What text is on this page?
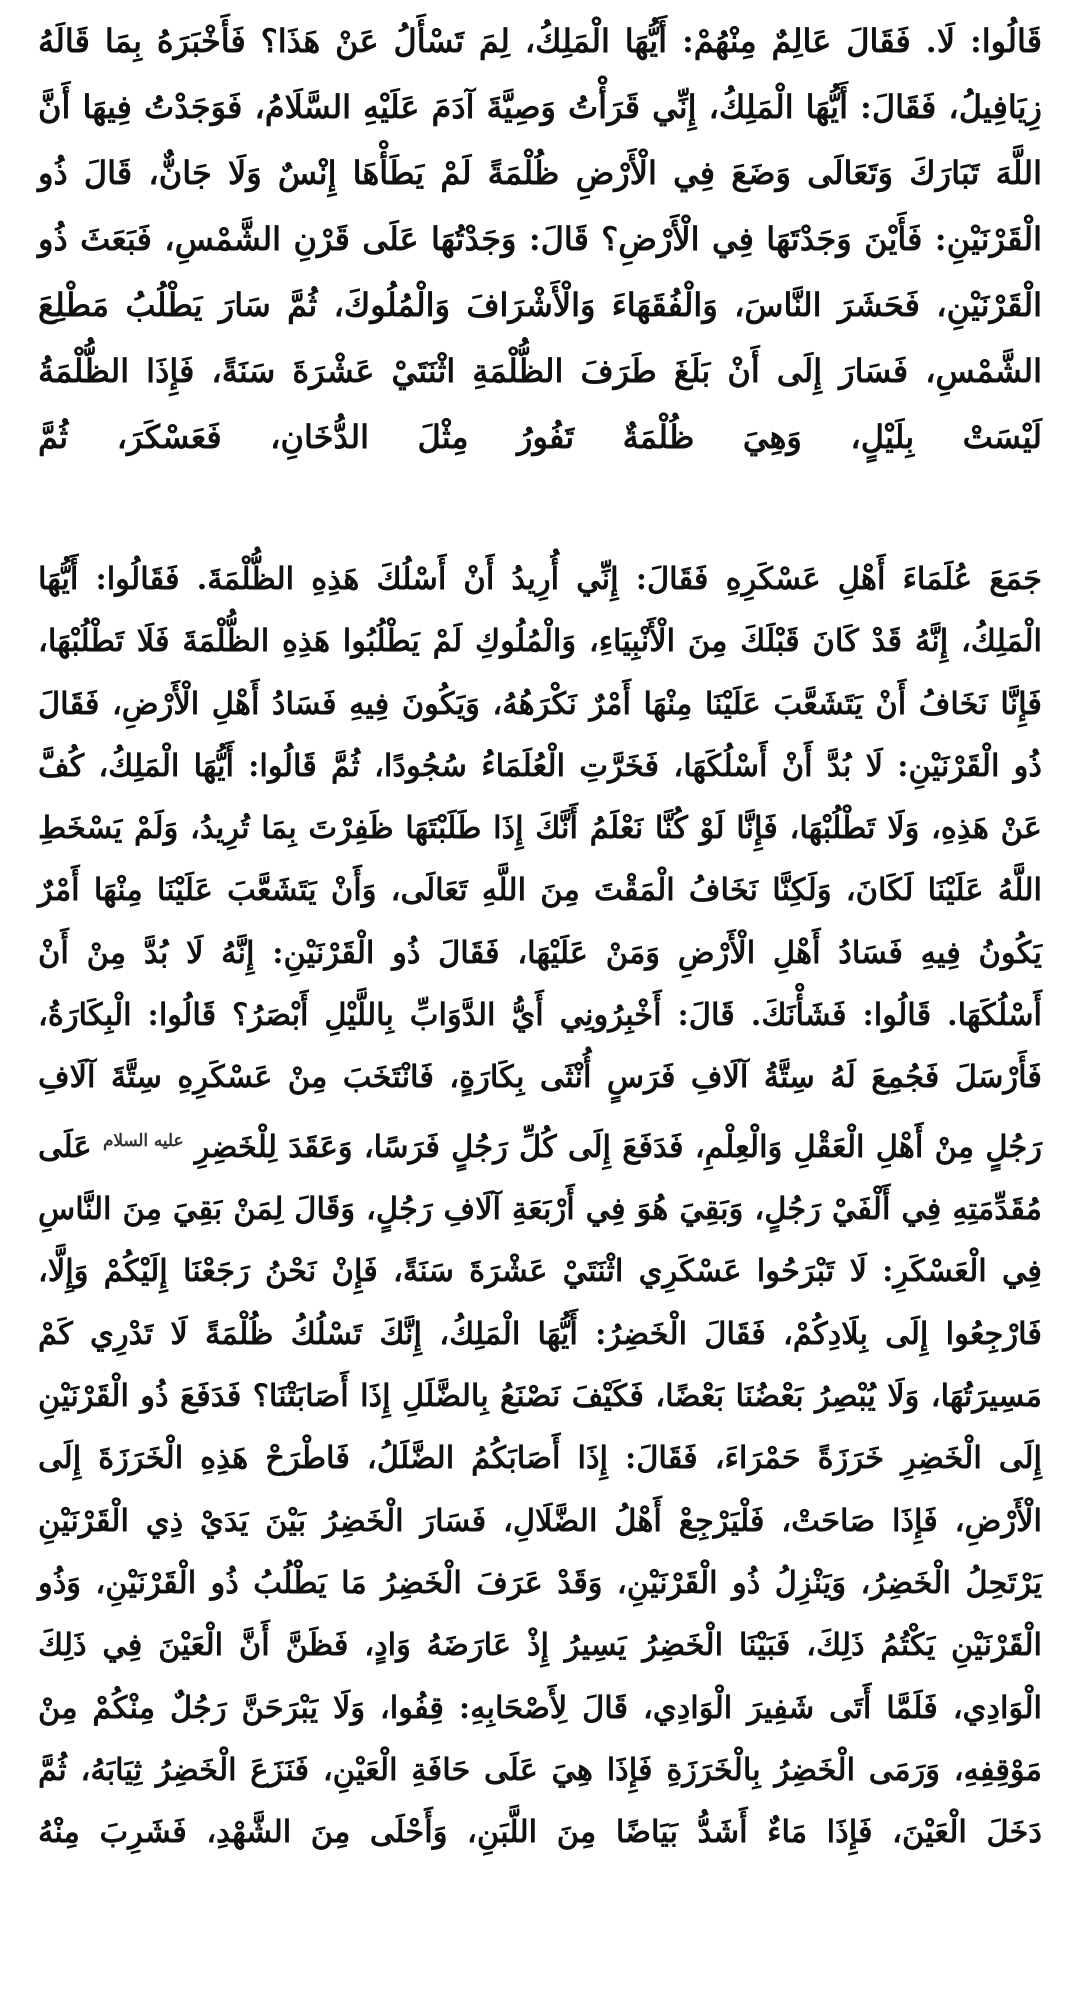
قَالُوا: لَا. فَقَالَ عَالِمٌ مِنْهُمْ: أَيُّهَا الْمَلِكُ، لِمَ تَسْأَلُ عَنْ هَذَا؟ فَأَخْبَرَهُ بِمَا قَالَهُ زِيَافِيلُ، فَقَالَ: أَيُّهَا الْمَلِكُ، إِنِّي قَرَأْتُ وَصِيَّةَ آدَمَ عَلَيْهِ السَّلَامُ، فَوَجَدْتُ فِيهَا أَنَّ اللَّهَ تَبَارَكَ وَتَعَالَى وَضَعَ فِي الْأَرْضِ ظُلْمَةً لَمْ يَطَأْهَا إِنْسٌ وَلَا جَانٌّ، قَالَ ذُو الْقَرْنَيْنِ: فَأَيْنَ وَجَدْتَهَا فِي الْأَرْضِ؟ قَالَ: وَجَدْتُهَا عَلَى قَرْنِ الشَّمْسِ، فَبَعَثَ ذُو الْقَرْنَيْنِ، فَحَشَرَ النَّاسَ، وَالْفُقَهَاءَ وَالْأَشْرَافَ وَالْمُلُوكَ، ثُمَّ سَارَ يَطْلُبُ مَطْلِعَ الشَّمْسِ، فَسَارَ إِلَى أَنْ بَلَغَ طَرَفَ الظُّلْمَةِ اثْنَتَيْ عَشْرَةَ سَنَةً، فَإِذَا الظُّلْمَةُ لَيْسَتْ بِلَيْلٍ، وَهِيَ ظُلْمَةٌ تَفُورُ مِثْلَ الدُّخَانِ، فَعَسْكَرَ، ثُمَّ

جَمَعَ عُلَمَاءَ أَهْلِ عَسْكَرِهِ فَقَالَ: إِنِّي أُرِيدُ أَنْ أَسْلُكَ هَذِهِ الظُّلْمَةَ. فَقَالُوا: أَيُّهَا الْمَلِكُ، إِنَّهُ قَدْ كَانَ قَبْلَكَ مِنَ الْأَنْبِيَاءِ، وَالْمُلُوكِ لَمْ يَطْلُبُوا هَذِهِ الظُّلْمَةَ فَلَا تَطْلُبْهَا، فَإِنَّا نَخَافُ أَنْ يَتَشَعَّبَ عَلَيْنَا مِنْهَا أَمْرٌ نَكْرَهُهُ، وَيَكُونَ فِيهِ فَسَادُ أَهْلِ الْأَرْضِ، فَقَالَ ذُو الْقَرْنَيْنِ: لَا بُدَّ أَنْ أَسْلُكَهَا، فَخَرَّتِ الْعُلَمَاءُ سُجُودًا، ثُمَّ قَالُوا: أَيُّهَا الْمَلِكُ، كُفَّ عَنْ هَذِهِ، وَلَا تَطْلُبْهَا، فَإِنَّا لَوْ كُنَّا نَعْلَمُ أَنَّكَ إِذَا طَلَبْتَهَا ظَفِرْتَ بِمَا تُرِيدُ، وَلَمْ يَسْخَطِ اللَّهُ عَلَيْنَا لَكَانَ، وَلَكِنَّا نَخَافُ الْمَقْتَ مِنَ اللَّهِ تَعَالَى، وَأَنْ يَتَشَعَّبَ عَلَيْنَا مِنْهَا أَمْرٌ يَكُونُ فِيهِ فَسَادُ أَهْلِ الْأَرْضِ وَمَنْ عَلَيْهَا، فَقَالَ ذُو الْقَرْنَيْنِ: إِنَّهُ لَا بُدَّ مِنْ أَنْ أَسْلُكَهَا. قَالُوا: فَشَأْنَكَ. قَالَ: أَخْبِرُونِي أَيُّ الدَّوَابِّ بِاللَّيْلِ أَبْصَرُ؟ قَالُوا: الْبِكَارَةُ، فَأَرْسَلَ فَجُمِعَ لَهُ سِتَّةُ آلَافِ فَرَسٍ أُنْثَى بِكَارَةٍ، فَانْتَخَبَ مِنْ عَسْكَرِهِ سِتَّةَ آلَافِ رَجُلٍ مِنْ أَهْلِ الْعَقْلِ وَالْعِلْمِ، فَدَفَعَ إِلَى كُلِّ رَجُلٍ فَرَسًا، وَعَقَدَ لِلْخَضِرِ عليه السلام عَلَى مُقَدِّمَتِهِ فِي أَلْفَيْ رَجُلٍ، وَبَقِيَ هُوَ فِي أَرْبَعَةِ آلَافِ رَجُلٍ، وَقَالَ لِمَنْ بَقِيَ مِنَ النَّاسِ فِي الْعَسْكَرِ: لَا تَبْرَحُوا عَسْكَرِي اثْنَتَيْ عَشْرَةَ سَنَةً، فَإِنْ نَحْنُ رَجَعْنَا إِلَيْكُمْ وَإِلَّا، فَارْجِعُوا إِلَى بِلَادِكُمْ، فَقَالَ الْخَضِرُ: أَيُّهَا الْمَلِكُ، إِنَّكَ تَسْلُكُ ظُلْمَةً لَا تَدْرِي كَمْ مَسِيرَتُهَا، وَلَا يُبْصِرُ بَعْضُنَا بَعْضًا، فَكَيْفَ نَصْنَعُ بِالضَّلَلِ إِذَا أَصَابَتْنَا؟ فَدَفَعَ ذُو الْقَرْنَيْنِ إِلَى الْخَضِرِ خَرَزَةً حَمْرَاءَ، فَقَالَ: إِذَا أَصَابَكُمُ الضَّلَلُ، فَاطْرَحْ هَذِهِ الْخَرَزَةَ إِلَى الْأَرْضِ، فَإِذَا صَاحَتْ، فَلْيَرْجِعْ أَهْلُ الضَّلَالِ، فَسَارَ الْخَضِرُ بَيْنَ يَدَيْ ذِي الْقَرْنَيْنِ يَرْتَحِلُ الْخَضِرُ، وَيَنْزِلُ ذُو الْقَرْنَيْنِ، وَقَدْ عَرَفَ الْخَضِرُ مَا يَطْلُبُ ذُو الْقَرْنَيْنِ، وَذُو الْقَرْنَيْنِ يَكْتُمُ ذَلِكَ، فَبَيْنَا الْخَضِرُ يَسِيرُ إِذْ عَارَضَهُ وَادٍ، فَظَنَّ أَنَّ الْعَيْنَ فِي ذَلِكَ الْوَادِي، فَلَمَّا أَتَى شَفِيرَ الْوَادِي، قَالَ لِأَصْحَابِهِ: قِفُوا، وَلَا يَبْرَحَنَّ رَجُلٌ مِنْكُمْ مِنْ مَوْقِفِهِ، وَرَمَى الْخَضِرُ بِالْخَرَزَةِ فَإِذَا هِيَ عَلَى حَافَةِ الْعَيْنِ، فَنَزَعَ الْخَضِرُ ثِيَابَهُ، ثُمَّ دَخَلَ الْعَيْنَ، فَإِذَا مَاءٌ أَشَدُّ بَيَاضًا مِنَ اللَّبَنِ، وَأَحْلَى مِنَ الشَّهْدِ، فَشَرِبَ مِنْهُ
